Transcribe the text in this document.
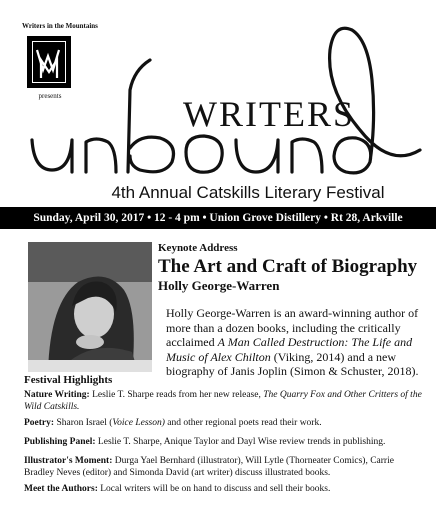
Writers in the Mountains
presents	WRITERS
4th Annual Catskills Literary Festival
Sunday, April 30, 2017 • 12 - 4 pm • Union Grove Distillery • Rt 28, Arkville
Keynote Address
The Art and Craft of Biography
Holly George-Warren
Holly George-Warren is an award-winning author of more than a dozen books, including the critically acclaimed A Man Called Destruction: The Life and Music of Alex Chilton (Viking, 2014) and a new biography of Janis Joplin (Simon & Schuster, 2018).
Festival Highlights
Nature Writing: Leslie T. Sharpe reads from her new release, The Quarry Fox and Other Critters of the Wild Catskills.
Poetry: Sharon Israel (Voice Lesson) and other regional poets read their work.
Publishing Panel: Leslie T. Sharpe, Anique Taylor and Dayl Wise review trends in publishing.
Illustrator's Moment: Durga Yael Bernhard (illustrator), Will Lytle (Thorneater Comics), Carrie Bradley Neves (editor) and Simonda David (art writer) discuss illustrated books.
Meet the Authors: Local writers will be on hand to discuss and sell their books.
